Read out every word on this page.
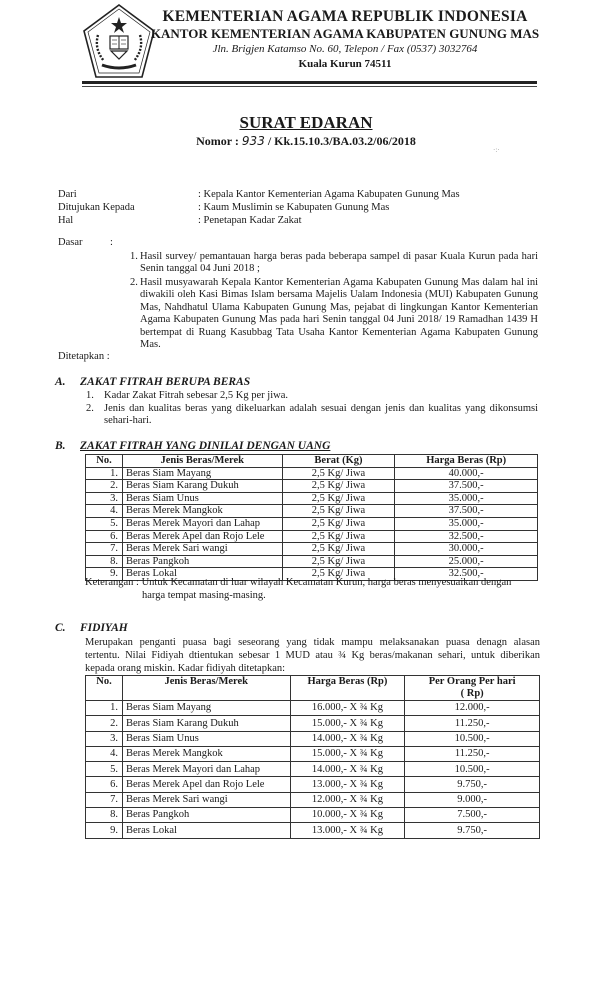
KEMENTERIAN AGAMA REPUBLIK INDONESIA
KANTOR KEMENTERIAN AGAMA KABUPATEN GUNUNG MAS
Jln. Brigjen Katamso No. 60, Telepon / Fax (0537) 3032764
Kuala Kurun 74511
SURAT EDARAN
Nomor : 933 / Kk.15.10.3/BA.03.2/06/2018
·:·
Dari	: Kepala Kantor Kementerian Agama Kabupaten Gunung Mas
Ditujukan Kepada	: Kaum Muslimin se Kabupaten Gunung Mas
Hal	: Penetapan Kadar Zakat
Dasar	:
1. Hasil survey/ pemantauan harga beras pada beberapa sampel di pasar Kuala Kurun pada hari Senin tanggal 04 Juni 2018 ;
2. Hasil musyawarah Kepala Kantor Kementerian Agama Kabupaten Gunung Mas dalam hal ini diwakili oleh Kasi Bimas Islam bersama Majelis Ualam Indonesia (MUI) Kabupaten Gunung Mas, Nahdhatul Ulama Kabupaten Gunung Mas, pejabat di lingkungan Kantor Kementerian Agama Kabupaten Gunung Mas pada hari Senin tanggal 04 Juni 2018/ 19 Ramadhan 1439 H bertempat di Ruang Kasubbag Tata Usaha Kantor Kementerian Agama Kabupaten Gunung Mas.
Ditetapkan :
A. ZAKAT FITRAH BERUPA BERAS
1. Kadar Zakat Fitrah sebesar 2,5 Kg per jiwa.
2. Jenis dan kualitas beras yang dikeluarkan adalah sesuai dengan jenis dan kualitas yang dikonsumsi sehari-hari.
B. ZAKAT FITRAH YANG DINILAI DENGAN UANG
No.	Jenis Beras/Merek	Berat (Kg)	Harga Beras (Rp)
1.	Beras Siam Mayang	2,5 Kg/ Jiwa	40.000,-
2.	Beras Siam Karang Dukuh	2,5 Kg/ Jiwa	37.500,-
3.	Beras Siam Unus	2,5 Kg/ Jiwa	35.000,-
4.	Beras Merek Mangkok	2,5 Kg/ Jiwa	37.500,-
5.	Beras Merek Mayori dan Lahap	2,5 Kg/ Jiwa	35.000,-
6.	Beras Merek Apel dan Rojo Lele	2,5 Kg/ Jiwa	32.500,-
7.	Beras Merek Sari wangi	2,5 Kg/ Jiwa	30.000,-
8.	Beras Pangkoh	2,5 Kg/ Jiwa	25.000,-
9.	Beras Lokal	2,5 Kg/ Jiwa	32.500,-
Keterangan : Untuk Kecamatan di luar wilayah Kecamatan Kurun, harga beras menyesuaikan dengan
harga tempat masing-masing.
C. FIDIYAH
Merupakan penganti puasa bagi seseorang yang tidak mampu melaksanakan puasa denagn alasan
tertentu. Nilai Fidiyah dtientukan sebesar 1 MUD atau ¾ Kg beras/makanan sehari, untuk diberikan
kepada orang miskin. Kadar fidiyah ditetapkan:
No.	Jenis Beras/Merek	Harga Beras (Rp)	Per Orang Per hari
( Rp)

1.	Beras Siam Mayang	16.000,- X ¾ Kg	12.000,-
2.	Beras Siam Karang Dukuh	15.000,- X ¾ Kg	11.250,-
3.	Beras Siam Unus	14.000,- X ¾ Kg	10.500,-
4.	Beras Merek Mangkok	15.000,- X ¾ Kg	11.250,-
5.	Beras Merek Mayori dan Lahap	14.000,- X ¾ Kg	10.500,-
6.	Beras Merek Apel dan Rojo Lele	13.000,- X ¾ Kg	9.750,-
7.	Beras Merek Sari wangi	12.000,- X ¾ Kg	9.000,-
8.	Beras Pangkoh	10.000,- X ¾ Kg	7.500,-
9.	Beras Lokal	13.000,- X ¾ Kg	9.750,-
